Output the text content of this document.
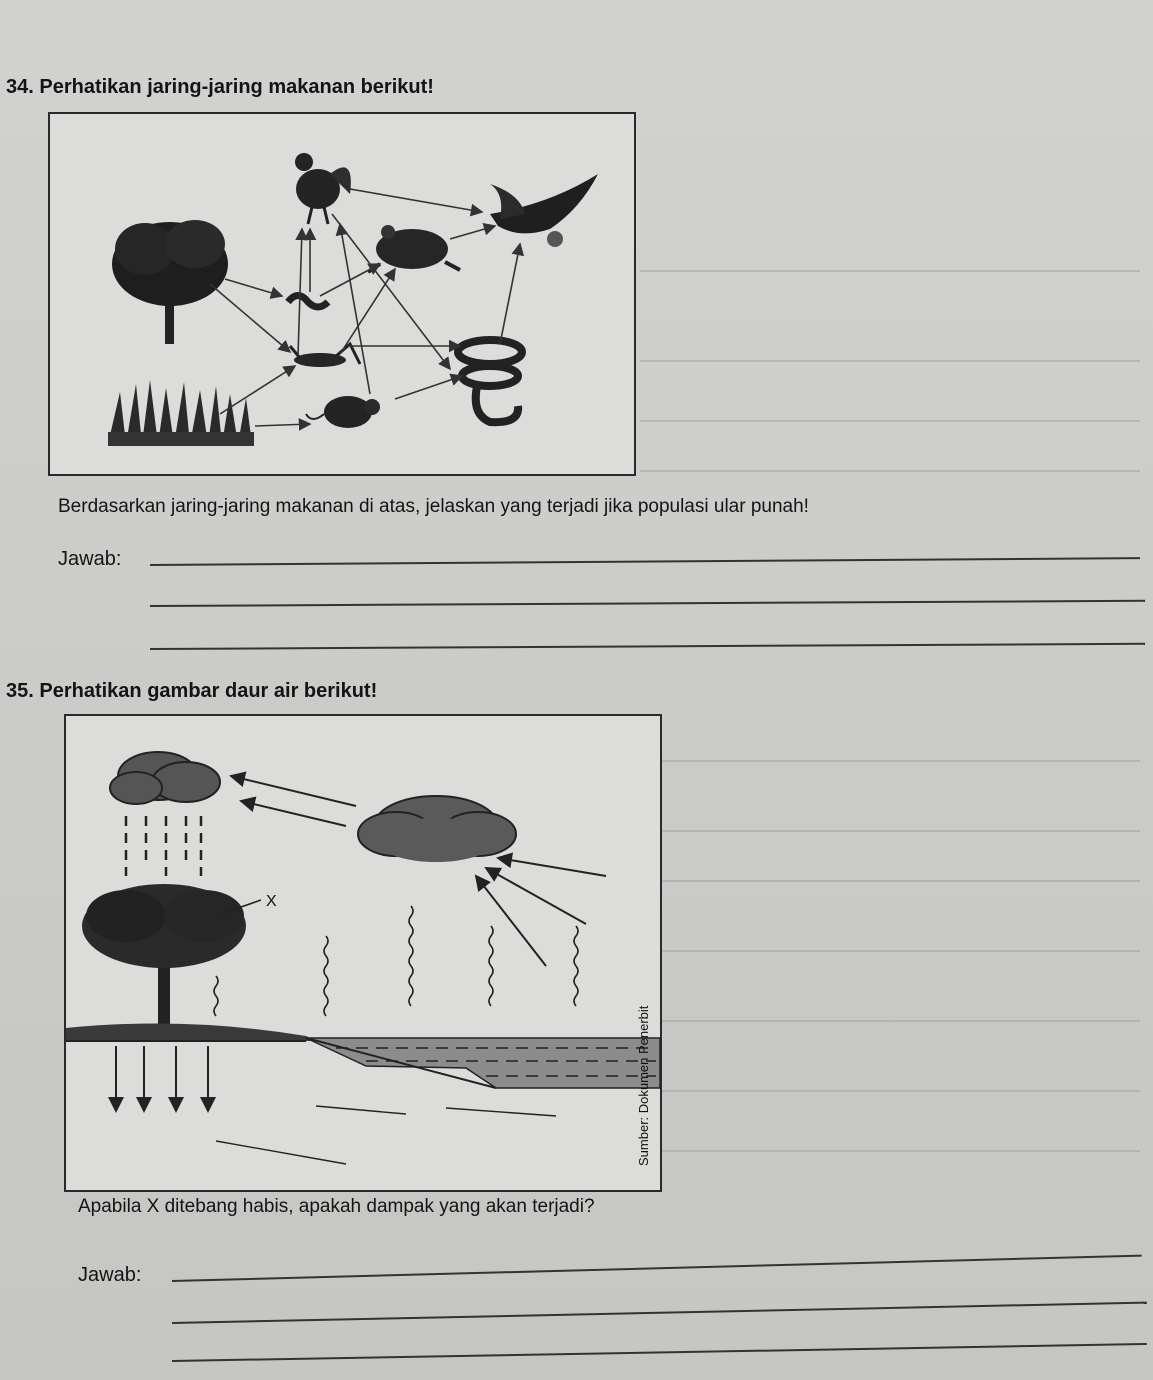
34. Perhatikan jaring-jaring makanan berikut!
Berdasarkan jaring-jaring makanan di atas, jelaskan yang terjadi jika populasi ular punah!
Jawab:
35. Perhatikan gambar daur air berikut!
X
Sumber: Dokumen Penerbit
Apabila X ditebang habis, apakah dampak yang akan terjadi?
Jawab:
